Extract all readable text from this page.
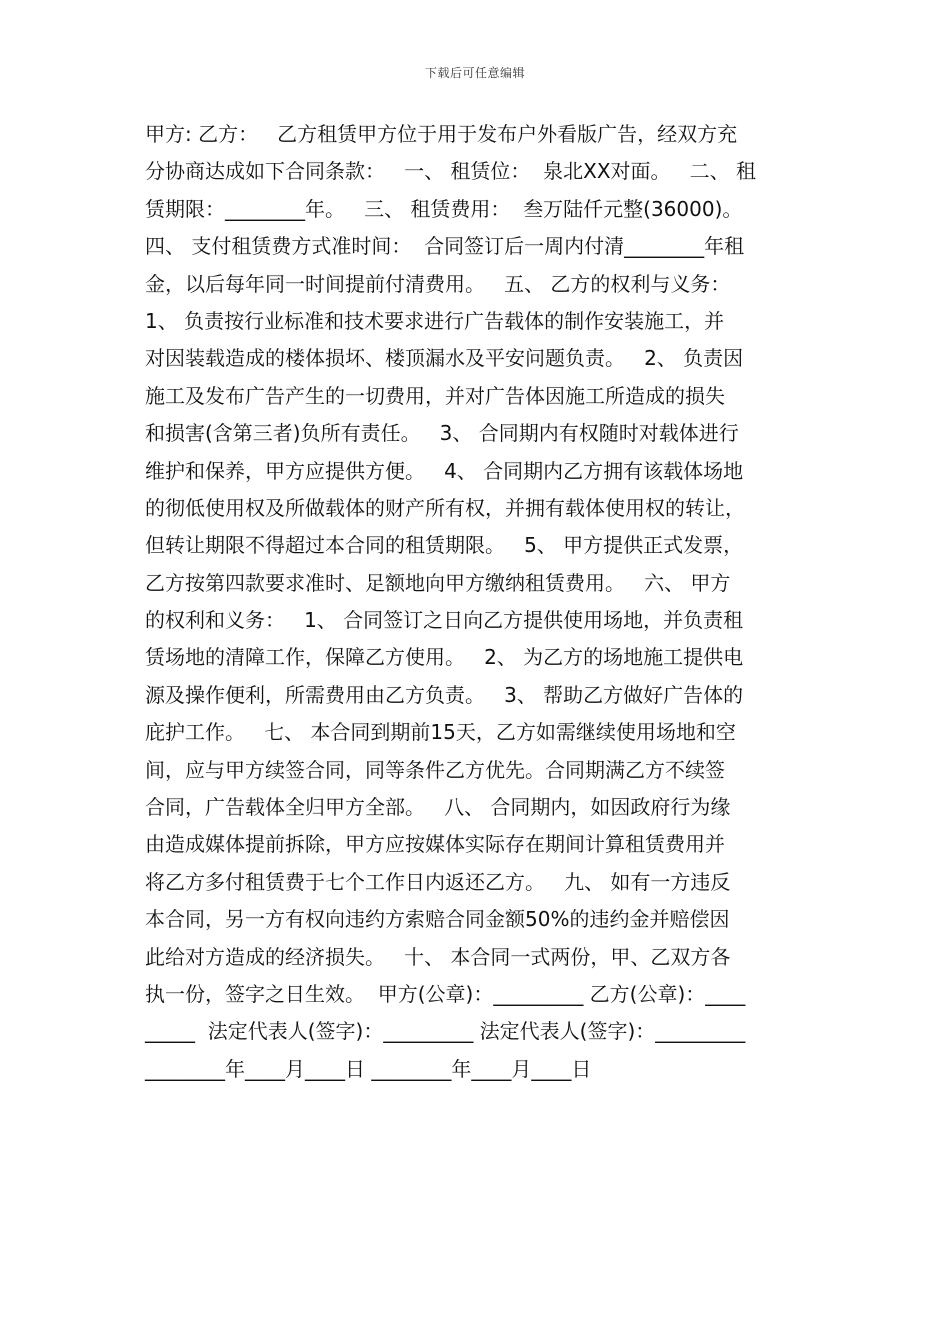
下载后可任意编辑
甲方: 乙方：   乙方租赁甲方位于用于发布户外看版广告，经双方充
分协商达成如下合同条款：   一、 租赁位：  泉北XX对面。   二、 租
赁期限：________年。   三、 租赁费用：  叁万陆仟元整(36000)。
四、 支付租赁费方式准时间：  合同签订后一周内付清________年租
金，以后每年同一时间提前付清费用。   五、 乙方的权利与义务：
1、 负责按行业标准和技术要求进行广告载体的制作安装施工，并
对因装载造成的楼体损坏、楼顶漏水及平安问题负责。   2、 负责因
施工及发布广告产生的一切费用，并对广告体因施工所造成的损失
和损害(含第三者)负所有责任。   3、 合同期内有权随时对载体进行
维护和保养，甲方应提供方便。   4、 合同期内乙方拥有该载体场地
的彻低使用权及所做载体的财产所有权，并拥有载体使用权的转让，
但转让期限不得超过本合同的租赁期限。   5、 甲方提供正式发票，
乙方按第四款要求准时、足额地向甲方缴纳租赁费用。   六、 甲方
的权利和义务：   1、 合同签订之日向乙方提供使用场地，并负责租
赁场地的清障工作，保障乙方使用。   2、 为乙方的场地施工提供电
源及操作便利，所需费用由乙方负责。   3、 帮助乙方做好广告体的
庇护工作。   七、 本合同到期前15天，乙方如需继续使用场地和空
间，应与甲方续签合同，同等条件乙方优先。合同期满乙方不续签
合同，广告载体全归甲方全部。   八、 合同期内，如因政府行为缘
由造成媒体提前拆除，甲方应按媒体实际存在期间计算租赁费用并
将乙方多付租赁费于七个工作日内返还乙方。   九、 如有一方违反
本合同，另一方有权向违约方索赔合同金额50%的违约金并赔偿因
此给对方造成的经济损失。   十、 本合同一式两份，甲、乙双方各
执一份，签字之日生效。  甲方(公章)：_________ 乙方(公章)：____
_____  法定代表人(签字)：_________ 法定代表人(签字)：_________
________年____月____日 ________年____月____日
